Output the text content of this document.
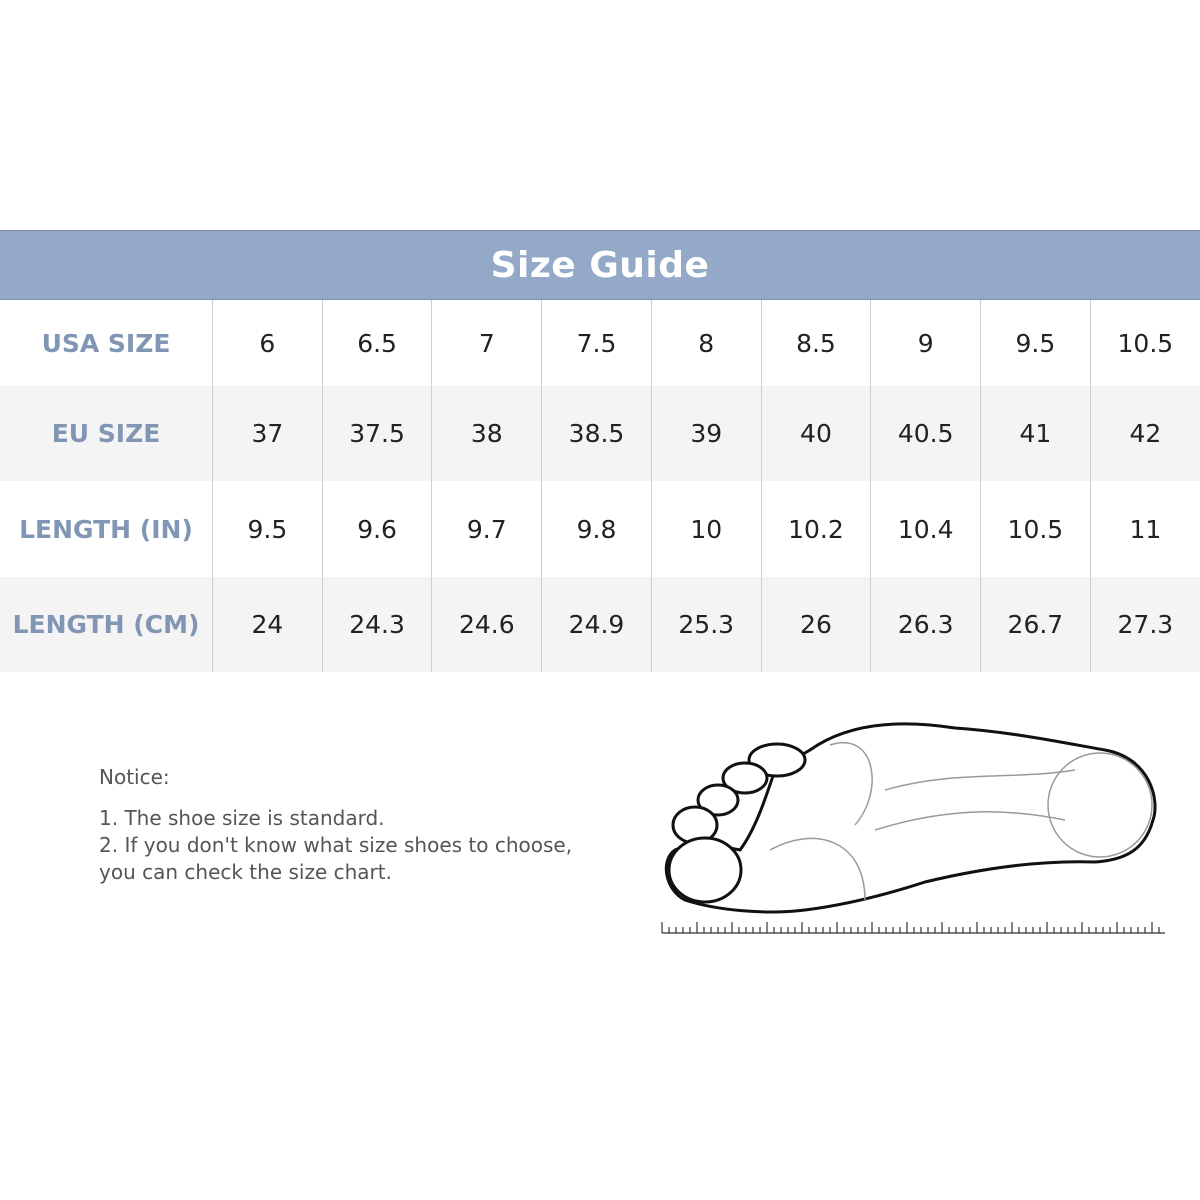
Size Guide
USA SIZE	6	6.5	7	7.5	8	8.5	9	9.5	10.5
EU SIZE	37	37.5	38	38.5	39	40	40.5	41	42
LENGTH (IN)	9.5	9.6	9.7	9.8	10	10.2	10.4	10.5	11
LENGTH (CM)	24	24.3	24.6	24.9	25.3	26	26.3	26.7	27.3
Notice:
1. The shoe size is standard.
2. If you don't know what size shoes to choose,
you can check the size chart.
